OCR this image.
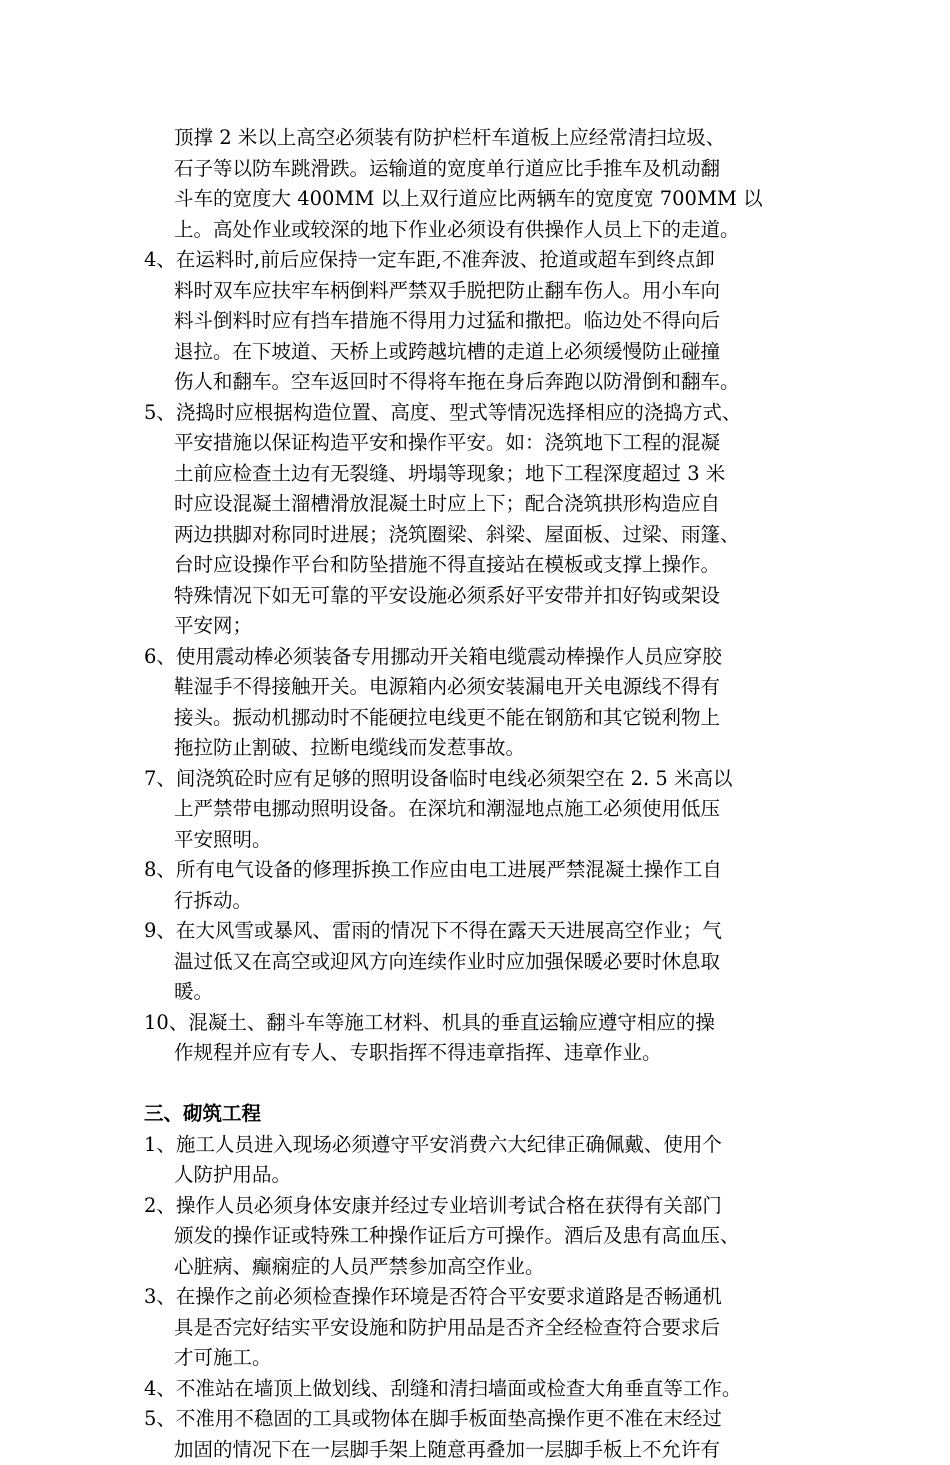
顶撑 2 米以上高空必须装有防护栏杆车道板上应经常清扫垃圾、
石子等以防车跳滑跌。运输道的宽度单行道应比手推车及机动翻
斗车的宽度大 400MM 以上双行道应比两辆车的宽度宽 700MM 以
上。高处作业或较深的地下作业必须设有供操作人员上下的走道。
4、在运料时,前后应保持一定车距,不准奔波、抢道或超车到终点卸
料时双车应扶牢车柄倒料严禁双手脱把防止翻车伤人。用小车向
料斗倒料时应有挡车措施不得用力过猛和撒把。临边处不得向后
退拉。在下坡道、天桥上或跨越坑槽的走道上必须缓慢防止碰撞
伤人和翻车。空车返回时不得将车拖在身后奔跑以防滑倒和翻车。
5、浇捣时应根据构造位置、高度、型式等情况选择相应的浇捣方式、
平安措施以保证构造平安和操作平安。如：浇筑地下工程的混凝
土前应检查土边有无裂缝、坍塌等现象；地下工程深度超过 3 米
时应设混凝土溜槽滑放混凝土时应上下；配合浇筑拱形构造应自
两边拱脚对称同时进展；浇筑圈梁、斜梁、屋面板、过梁、雨篷、
台时应设操作平台和防坠措施不得直接站在模板或支撑上操作。
特殊情况下如无可靠的平安设施必须系好平安带并扣好钩或架设
平安网；
6、使用震动棒必须装备专用挪动开关箱电缆震动棒操作人员应穿胶
鞋湿手不得接触开关。电源箱内必须安装漏电开关电源线不得有
接头。振动机挪动时不能硬拉电线更不能在钢筋和其它锐利物上
拖拉防止割破、拉断电缆线而发惹事故。
7、间浇筑砼时应有足够的照明设备临时电线必须架空在 2. 5 米高以
上严禁带电挪动照明设备。在深坑和潮湿地点施工必须使用低压
平安照明。
8、所有电气设备的修理拆换工作应由电工进展严禁混凝土操作工自
行拆动。
9、在大风雪或暴风、雷雨的情况下不得在露天天进展高空作业；气
温过低又在高空或迎风方向连续作业时应加强保暖必要时休息取
暖。
10、混凝土、翻斗车等施工材料、机具的垂直运输应遵守相应的操
作规程并应有专人、专职指挥不得违章指挥、违章作业。
三、砌筑工程
1、施工人员进入现场必须遵守平安消费六大纪律正确佩戴、使用个
人防护用品。
2、操作人员必须身体安康并经过专业培训考试合格在获得有关部门
颁发的操作证或特殊工种操作证后方可操作。酒后及患有高血压、
心脏病、癫痫症的人员严禁参加高空作业。
3、在操作之前必须检查操作环境是否符合平安要求道路是否畅通机
具是否完好结实平安设施和防护用品是否齐全经检查符合要求后
才可施工。
4、不准站在墙顶上做划线、刮缝和清扫墙面或检查大角垂直等工作。
5、不准用不稳固的工具或物体在脚手板面垫高操作更不准在末经过
加固的情况下在一层脚手架上随意再叠加一层脚手板上不允许有
